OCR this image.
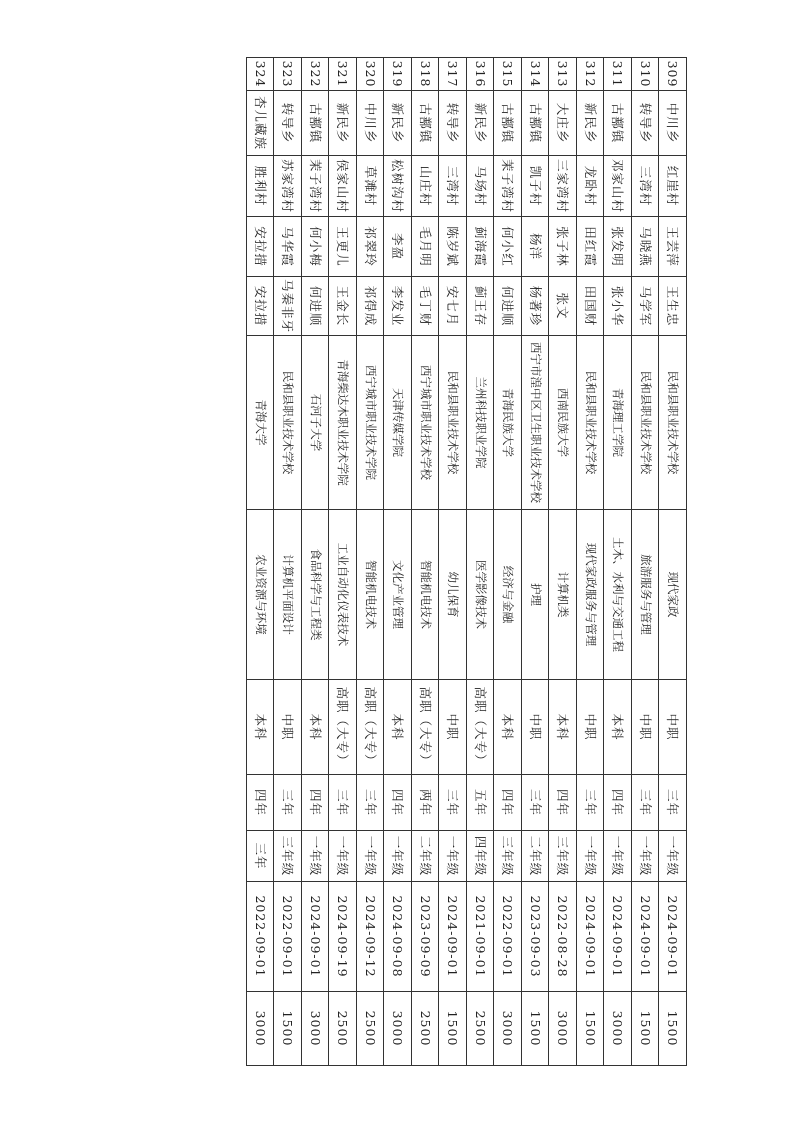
309	中川乡	红崖村	王芸萍	王生忠	民和县职业技术学校	现代家政	中职	三年	一年级	2024-09-01	1500
310	转导乡	三湾村	马晓燕	马学军	民和县职业技术学校	旅游服务与管理	中职	三年	一年级	2024-09-01	1500
311	古鄯镇	邓家山村	张发明	张小华	青海理工学院	土木、水利与交通工程	本科	四年	一年级	2024-09-01	3000
312	新民乡	龙卧村	田红霞	田国财	民和县职业技术学校	现代家政服务与管理	中职	三年	一年级	2024-09-01	1500
313	大庄乡	三家湾村	张子林	张文	西南民族大学	计算机类	本科	四年	三年级	2022-08-28	3000
314	古鄯镇	凯子村	杨洋	杨著珍	西宁市湟中区卫生职业技术学校	护理	中职	三年	二年级	2023-09-03	1500
315	古鄯镇	茉子湾村	何小红	何进顺	青海民族大学	经济与金融	本科	四年	三年级	2022-09-01	3000
316	新民乡	马场村	蓟海霞	蓟王存	兰州科技职业学院	医学影像技术	高职（大专）	五年	四年级	2021-09-01	2500
317	转导乡	三湾村	陈岁斌	安七月	民和县职业技术学校	幼儿保育	中职	三年	一年级	2024-09-01	1500
318	古鄯镇	山庄村	毛月明	毛丁财	西宁城市职业技术学校	智能机电技术	高职（大专）	两年	二年级	2023-09-09	2500
319	新民乡	松树沟村	李盈	李发业	天津传媒学院	文化产业管理	本科	四年	一年级	2024-09-08	3000
320	中川乡	草滩村	祁翠玲	祁得成	西宁城市职业技术学院	智能机电技术	高职（大专）	三年	一年级	2024-09-12	2500
321	新民乡	侯家山村	王更儿	王金长	青海柴达木职业技术学院	工业自动化仪表技术	高职（大专）	三年	一年级	2024-09-19	2500
322	古鄯镇	茉子湾村	何小梅	何进顺	石河子大学	食品科学与工程类	本科	四年	一年级	2024-09-01	3000
323	转导乡	苏家湾村	马华霞	马秦非牙	民和县职业技术学校	计算机平面设计	中职	三年	三年级	2022-09-01	1500
324	杏儿藏族	胜利村	安拉措	安拉措	青海大学	农业资源与环境	本科	四年	三年	2022-09-01	3000
